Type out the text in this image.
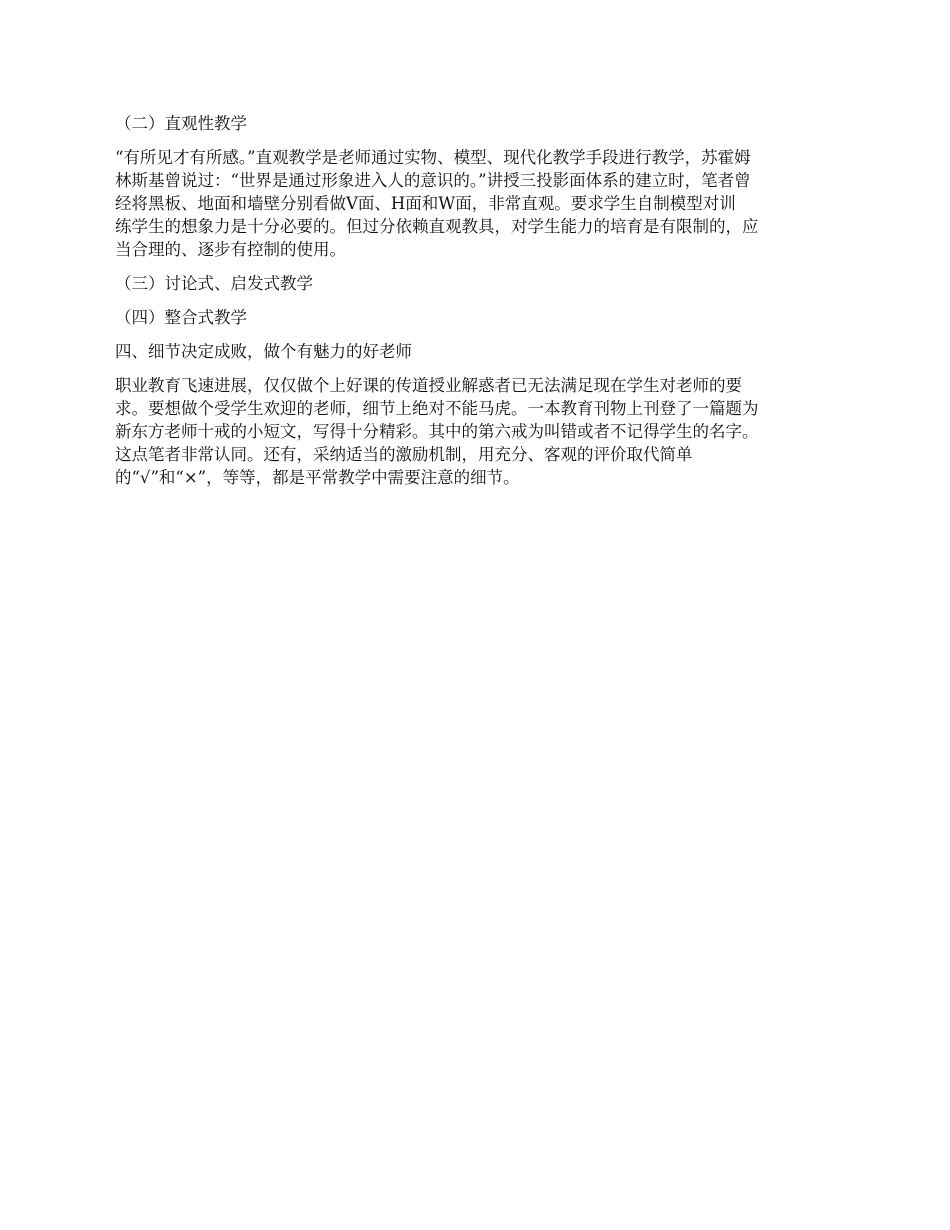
（二）直观性教学
“有所见才有所感。”直观教学是老师通过实物、模型、现代化教学手段进行教学，苏霍姆
林斯基曾说过：“世界是通过形象进入人的意识的。”讲授三投影面体系的建立时，笔者曾
经将黑板、地面和墙壁分别看做V面、H面和W面，非常直观。要求学生自制模型对训
练学生的想象力是十分必要的。但过分依赖直观教具，对学生能力的培育是有限制的，应
当合理的、逐步有控制的使用。
（三）讨论式、启发式教学
（四）整合式教学
四、细节决定成败，做个有魅力的好老师
职业教育飞速进展，仅仅做个上好课的传道授业解惑者已无法满足现在学生对老师的要
求。要想做个受学生欢迎的老师，细节上绝对不能马虎。一本教育刊物上刊登了一篇题为
新东方老师十戒的小短文，写得十分精彩。其中的第六戒为叫错或者不记得学生的名字。
这点笔者非常认同。还有，采纳适当的激励机制，用充分、客观的评价取代简单
的“√”和“×”，等等，都是平常教学中需要注意的细节。
